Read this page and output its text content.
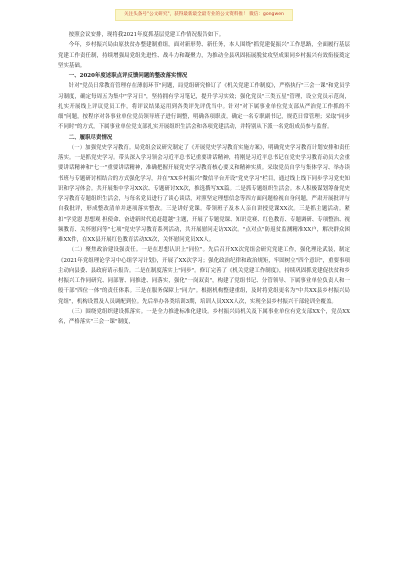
关注头条号"公文研究"，获得最新最全最专业的公文资料推！ 微信：gongwen

按照会议安排，现将我2021年度抓基层党建工作情况报告如下。

今年，乡村振兴局由原扶贫办整建制重组，面对新形势、新任务，本人围绕"抓党建促振兴"工作思路，全面履行基层党建工作责任制，持续增强局党组先进性、战斗力和凝聚力，为推动全县巩固拓展脱贫攻坚成果同乡村振兴有效衔接奠定坚实基础。

一、2020年度述职点评反馈问题的整改落实情况

针对"党员日常教育管理存在薄弱环节"问题，局党组研究修订了《机关党建工作制度》，严格执行"三会一课"和党员学习制度，确定每周五为集中"学习日"，坚持拥有学习笔记，提升学习实效；强化党员"三类五星"管理，设立党员示范岗，扎实开展线上评议党员工作，将评议结果运用到各类评先评优当中。针对"对下属事业单位党支部从严治党工作抓的不细"问题，按程序对各事业单位党员领导班子进行调整，明确各项职责，确定一名专职副书记，规范日常管理；采取"同步不同时"的方式，下属事业单位党支部扎实开展组织生活会和各项党建活动，并特别从下派一名党组成员参与监督。

二、履职尽责情况

（一）加强党史学习教育。局党组会议研究制定了《开展党史学习教育实施方案》，明确党史学习教育计划安排和责任落实。一是抓党史学习。带头深入学习领会习近平总书记重要讲话精神，将刚是习近平总书记在党史学习教育动员大会重要讲话精神和"七一"重要讲话精神，准确把握开展党史学习教育核心要义和精神实质。采取党员自学与集体学习、举办读书班与专题研讨相结合的方式强化学习，并在"XX乡村振兴"微信平台开设"党史学习"栏目，通过线上线下同步学习党史知识和学习体会。共开展集中学习XX次、专题研讨XX次，推选撰写XX篇。二是抓专题组织生活会。本人积极谋划筹备党史学习教育专题组织生活会，与每名党员进行了谈心谈话，对照坚定理想信念等四方面问题检视自身问题，严肃开展批评与自我批评，形成整改清单并逐项落实整改。三是讲好党课。带领班子及本人亲自讲授党课XX次。三是抓主题活动。紧扣"学党恩 思想观 担使命、奋进新时代追赶超越"主题，开展了专题党课、知识竞赛、红色教育、专题调研、专项整治、视频教育、关怀慰问等"七项"党史学习教育系列活动，共开展慰问走访XX次。"点对点"防返贫监测精准XX户，解决群众困难XX件，在XX县开展红色教育活动XX次，关怀慰问党员XX人。

（二）聚焦政治建设强责任。一是在思想认识上"同位"。先后召开XX次党组会研究党建工作，强化理论武装，制定《2021年党组理论学习中心组学习计划》，开展了XX次学习；强化政治纪律和政治规矩，牢固树立"四个意识"，重要事项主动向县委、县政府请示报告。二是在制度落实上"同步"。修订完善了《机关党建工作制度》，持续巩固抓党建促扶贫和乡村振兴工作同研究、同部署、同推进、同落实，强化"一岗双责"，构建了党组书记、分管领导、下属事业单位负责人和一般干部"四位一体"的责任体系。三是在服务保障上"同力"。根据机构整建重组，及时将党组更名为"中共XX县乡村振兴局党组"，机构设置及人员调配到位。先后举办各类培训3期，培训人员XXX人次，实现全县乡村振兴干部轮训全覆盖。

（三）围绕党组织建设抓落实。一是全力推进标准化建设。乡村振兴局机关及下属事业单位有党支部XX个，党员XX名，严格落实"三会一课"制度，
